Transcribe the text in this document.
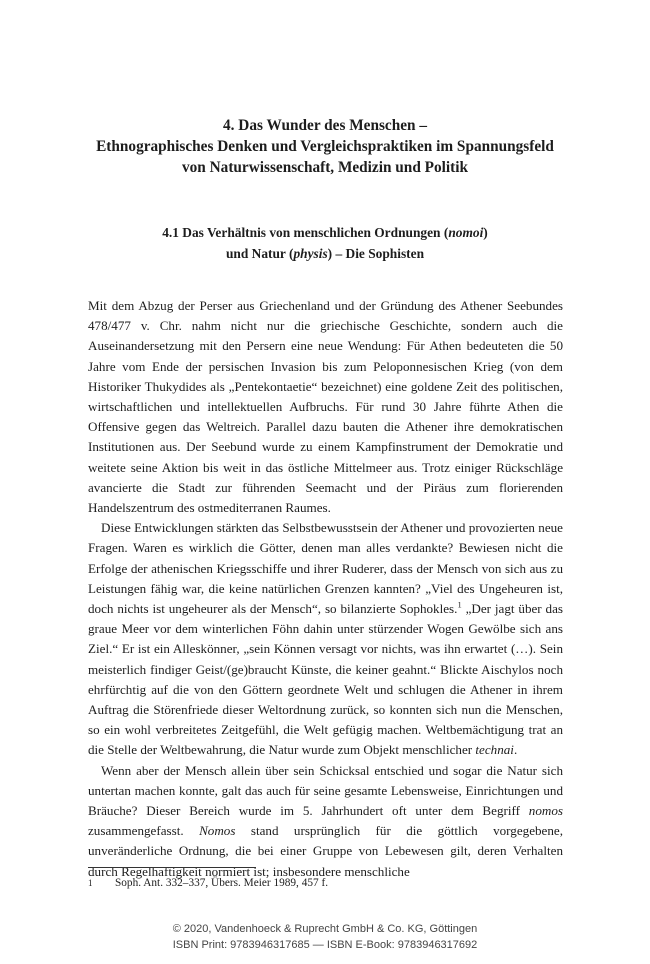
4. Das Wunder des Menschen –
Ethnographisches Denken und Vergleichspraktiken im Spannungsfeld
von Naturwissenschaft, Medizin und Politik
4.1 Das Verhältnis von menschlichen Ordnungen (nomoi)
und Natur (physis) – Die Sophisten

Mit dem Abzug der Perser aus Griechenland und der Gründung des Athener Seebundes 478/477 v. Chr. nahm nicht nur die griechische Geschichte, sondern auch die Auseinandersetzung mit den Persern eine neue Wendung: Für Athen bedeuteten die 50 Jahre vom Ende der persischen Invasion bis zum Peloponnesischen Krieg (von dem Historiker Thukydides als „Pentekontaetie“ bezeichnet) eine goldene Zeit des politischen, wirtschaftlichen und intellektuellen Aufbruchs. Für rund 30 Jahre führte Athen die Offensive gegen das Weltreich. Parallel dazu bauten die Athener ihre demokratischen Institutionen aus. Der Seebund wurde zu einem Kampfinstrument der Demokratie und weitete seine Aktion bis weit in das östliche Mittelmeer aus. Trotz einiger Rückschläge avancierte die Stadt zur führenden Seemacht und der Piräus zum florierenden Handelszentrum des ostmediterranen Raumes.

Diese Entwicklungen stärkten das Selbstbewusstsein der Athener und provozierten neue Fragen. Waren es wirklich die Götter, denen man alles verdankte? Bewiesen nicht die Erfolge der athenischen Kriegsschiffe und ihrer Ruderer, dass der Mensch von sich aus zu Leistungen fähig war, die keine natürlichen Grenzen kannten? „Viel des Ungeheuren ist, doch nichts ist ungeheurer als der Mensch“, so bilanzierte Sophokles.$^1$ „Der jagt über das graue Meer vor dem winterlichen Föhn dahin unter stürzender Wogen Gewölbe sich ans Ziel.“ Er ist ein Alleskönner, „sein Können versagt vor nichts, was ihn erwartet (…). Sein meisterlich findiger Geist/(ge)braucht Künste, die keiner geahnt.“ Blickte Aischylos noch ehrfürchtig auf die von den Göttern geordnete Welt und schlugen die Athener in ihrem Auftrag die Störenfriede dieser Weltordnung zurück, so konnten sich nun die Menschen, so ein wohl verbreitetes Zeitgefühl, die Welt gefügig machen. Weltbemächtigung trat an die Stelle der Weltbewahrung, die Natur wurde zum Objekt menschlicher technai.

Wenn aber der Mensch allein über sein Schicksal entschied und sogar die Natur sich untertan machen konnte, galt das auch für seine gesamte Lebensweise, Einrichtungen und Bräuche? Dieser Bereich wurde im 5. Jahrhundert oft unter dem Begriff nomos zusammengefasst. Nomos stand ursprünglich für die göttlich vorgegebene, unveränderliche Ordnung, die bei einer Gruppe von Lebewesen gilt, deren Verhalten durch Regelhaftigkeit normiert ist; insbesondere menschliche

1 Soph. Ant. 332–337, Übers. Meier 1989, 457 f.
© 2020, Vandenhoeck & Ruprecht GmbH & Co. KG, Göttingen
ISBN Print: 9783946317685 — ISBN E-Book: 9783946317692
